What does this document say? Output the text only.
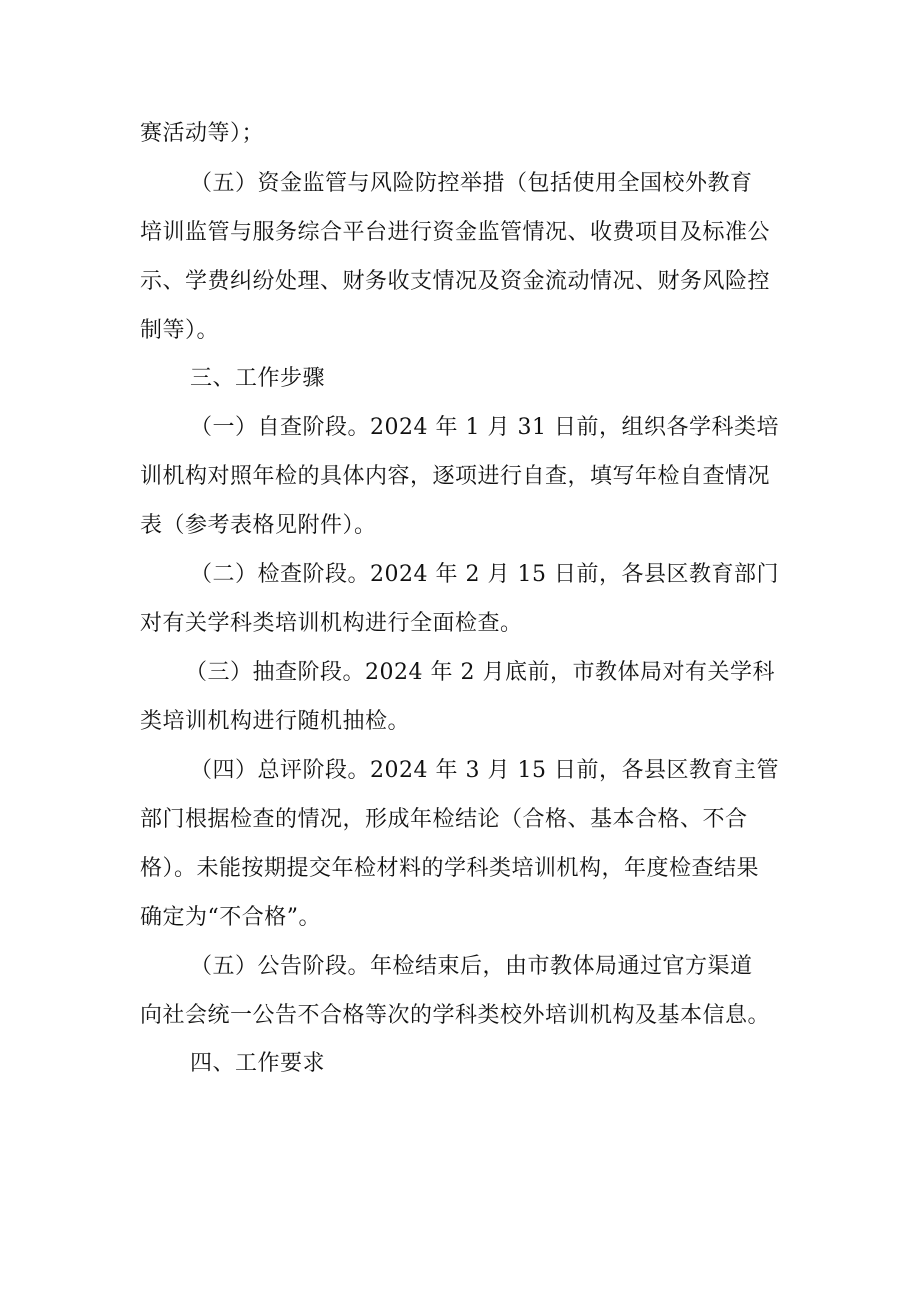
赛活动等）；
（五）资金监管与风险防控举措（包括使用全国校外教育
培训监管与服务综合平台进行资金监管情况、收费项目及标准公
示、学费纠纷处理、财务收支情况及资金流动情况、财务风险控
制等）。
三、工作步骤
（一）自查阶段。2024 年 1 月 31 日前，组织各学科类培
训机构对照年检的具体内容，逐项进行自查，填写年检自查情况
表（参考表格见附件）。
（二）检查阶段。2024 年 2 月 15 日前，各县区教育部门
对有关学科类培训机构进行全面检查。
（三）抽查阶段。2024 年 2 月底前，市教体局对有关学科
类培训机构进行随机抽检。
（四）总评阶段。2024 年 3 月 15 日前，各县区教育主管
部门根据检查的情况，形成年检结论（合格、基本合格、不合
格）。未能按期提交年检材料的学科类培训机构，年度检查结果
确定为“不合格”。
（五）公告阶段。年检结束后，由市教体局通过官方渠道
向社会统一公告不合格等次的学科类校外培训机构及基本信息。
四、工作要求
